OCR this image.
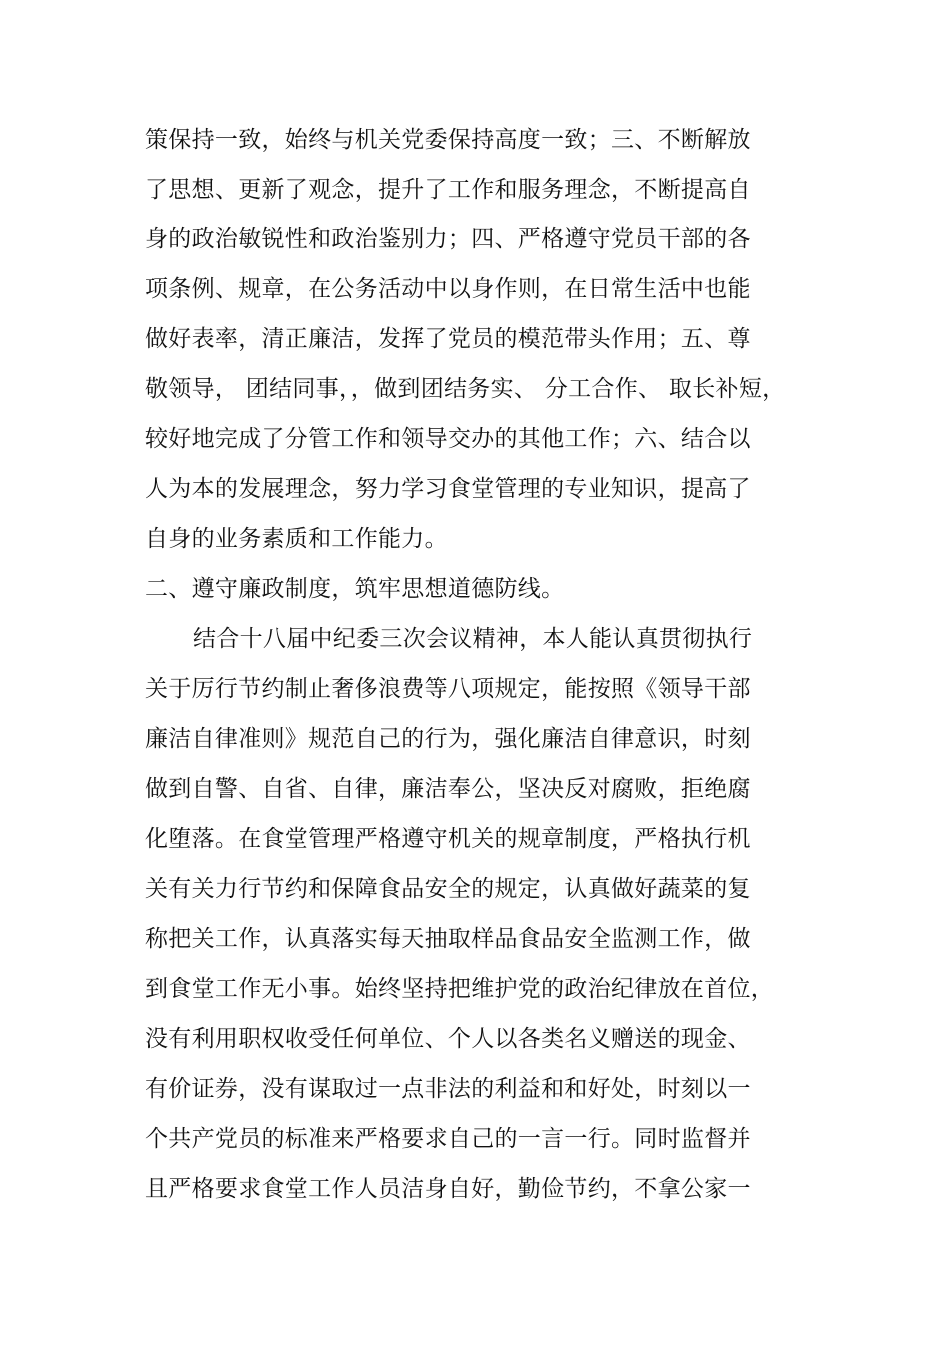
策保持一致，始终与机关党委保持高度一致；三、不断解放
了思想、更新了观念，提升了工作和服务理念，不断提高自
身的政治敏锐性和政治鉴别力；四、严格遵守党员干部的各
项条例、规章，在公务活动中以身作则，在日常生活中也能
做好表率，清正廉洁，发挥了党员的模范带头作用；五、尊
敬领导， 团结同事，，做到团结务实、 分工合作、 取长补短，
较好地完成了分管工作和领导交办的其他工作；六、结合以
人为本的发展理念，努力学习食堂管理的专业知识，提高了
自身的业务素质和工作能力。
二、遵守廉政制度，筑牢思想道德防线。
结合十八届中纪委三次会议精神，本人能认真贯彻执行
关于厉行节约制止奢侈浪费等八项规定，能按照《领导干部
廉洁自律准则》规范自己的行为，强化廉洁自律意识，时刻
做到自警、自省、自律，廉洁奉公，坚决反对腐败，拒绝腐
化堕落。在食堂管理严格遵守机关的规章制度，严格执行机
关有关力行节约和保障食品安全的规定，认真做好蔬菜的复
称把关工作，认真落实每天抽取样品食品安全监测工作，做
到食堂工作无小事。始终坚持把维护党的政治纪律放在首位，
没有利用职权收受任何单位、个人以各类名义赠送的现金、
有价证券，没有谋取过一点非法的利益和和好处，时刻以一
个共产党员的标准来严格要求自己的一言一行。同时监督并
且严格要求食堂工作人员洁身自好，勤俭节约，不拿公家一
